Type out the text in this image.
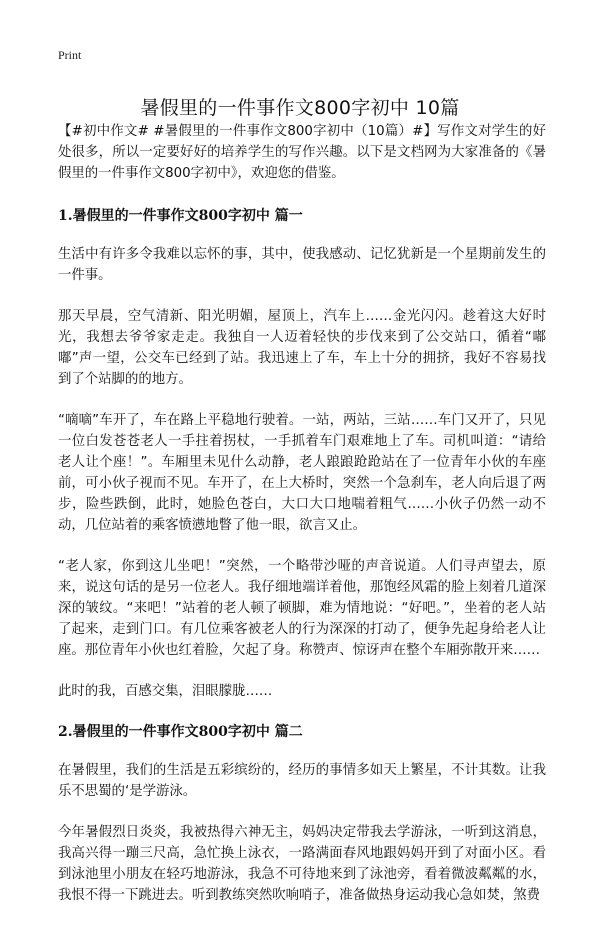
Print
暑假里的一件事作文800字初中 10篇

【#初中作文# #暑假里的一件事作文800字初中（10篇）#】写作文对学生的好处很多，所以一定要好好的培养学生的写作兴趣。以下是文档网为大家准备的《暑假里的一件事作文800字初中》，欢迎您的借鉴。

1.暑假里的一件事作文800字初中 篇一

生活中有许多令我难以忘怀的事，其中，使我感动、记忆犹新是一个星期前发生的一件事。

那天早晨，空气清新、阳光明媚，屋顶上，汽车上……金光闪闪。趁着这大好时光，我想去爷爷家走走。我独自一人迈着轻快的步伐来到了公交站口，循着“嘟嘟”声一望，公交车已经到了站。我迅速上了车，车上十分的拥挤，我好不容易找到了个站脚的的地方。

“嘀嘀”车开了，车在路上平稳地行驶着。一站，两站，三站……车门又开了，只见一位白发苍苍老人一手拄着拐杖，一手抓着车门艰难地上了车。司机叫道：“请给老人让个座！”。车厢里未见什么动静，老人踉踉跄跄站在了一位青年小伙的车座前，可小伙子视而不见。车开了，在上大桥时，突然一个急刹车，老人向后退了两步，险些跌倒，此时，她脸色苍白，大口大口地喘着粗气……小伙子仍然一动不动，几位站着的乘客愤懑地瞥了他一眼，欲言又止。

“老人家，你到这儿坐吧！”突然，一个略带沙哑的声音说道。人们寻声望去，原来，说这句话的是另一位老人。我仔细地端详着他，那饱经风霜的脸上刻着几道深深的皱纹。“来吧！”站着的老人顿了顿脚，难为情地说：“好吧。”，坐着的老人站了起来，走到门口。有几位乘客被老人的行为深深的打动了，便争先起身给老人让座。那位青年小伙也红着脸，欠起了身。称赞声、惊讶声在整个车厢弥散开来……

此时的我，百感交集，泪眼朦胧……

2.暑假里的一件事作文800字初中 篇二

在暑假里，我们的生活是五彩缤纷的，经历的事情多如天上繁星，不计其数。让我乐不思蜀的‘是学游泳。

今年暑假烈日炎炎，我被热得六神无主，妈妈决定带我去学游泳，一听到这消息，我高兴得一蹦三尺高，急忙换上泳衣，一路满面春风地跟妈妈开到了对面小区。看到泳池里小朋友在轻巧地游泳，我急不可待地来到了泳池旁，看着微波粼粼的水，我恨不得一下跳进去。听到教练突然吹响哨子，准备做热身运动我心急如焚，煞费
